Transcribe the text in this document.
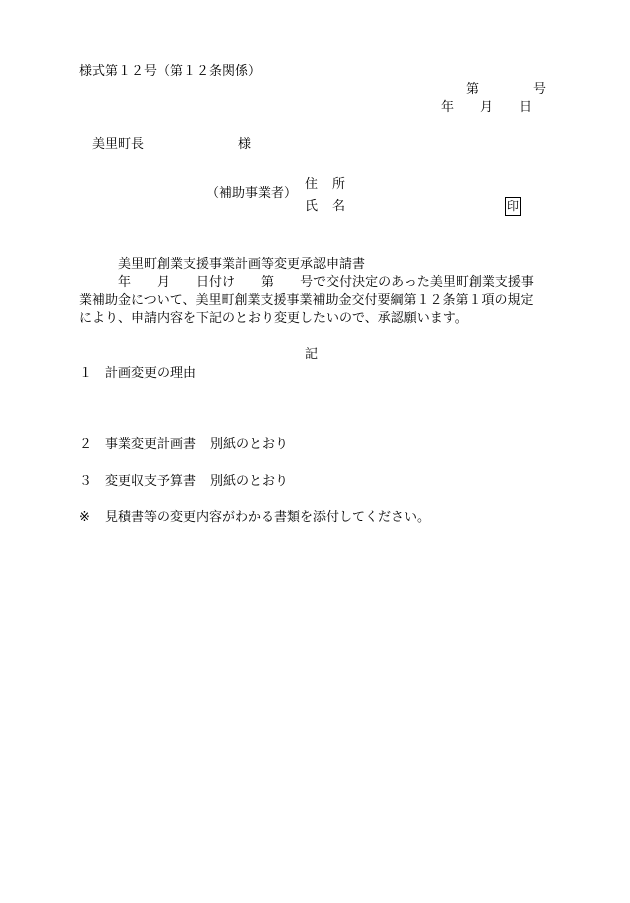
様式第１２号（第１２条関係）
第	号
年 月 日
美里町長	様
（補助事業者）
住 所
氏 名	印
美里町創業支援事業計画等変更承認申請書
年 月 日付け 第 号で交付決定のあった美里町創業支援事
業補助金について、美里町創業支援事業補助金交付要綱第１２条第１項の規定
により、申請内容を下記のとおり変更したいので、承認願います。
記
１ 計画変更の理由
２ 事業変更計画書 別紙のとおり
３ 変更収支予算書 別紙のとおり
※ 見積書等の変更内容がわかる書類を添付してください。
